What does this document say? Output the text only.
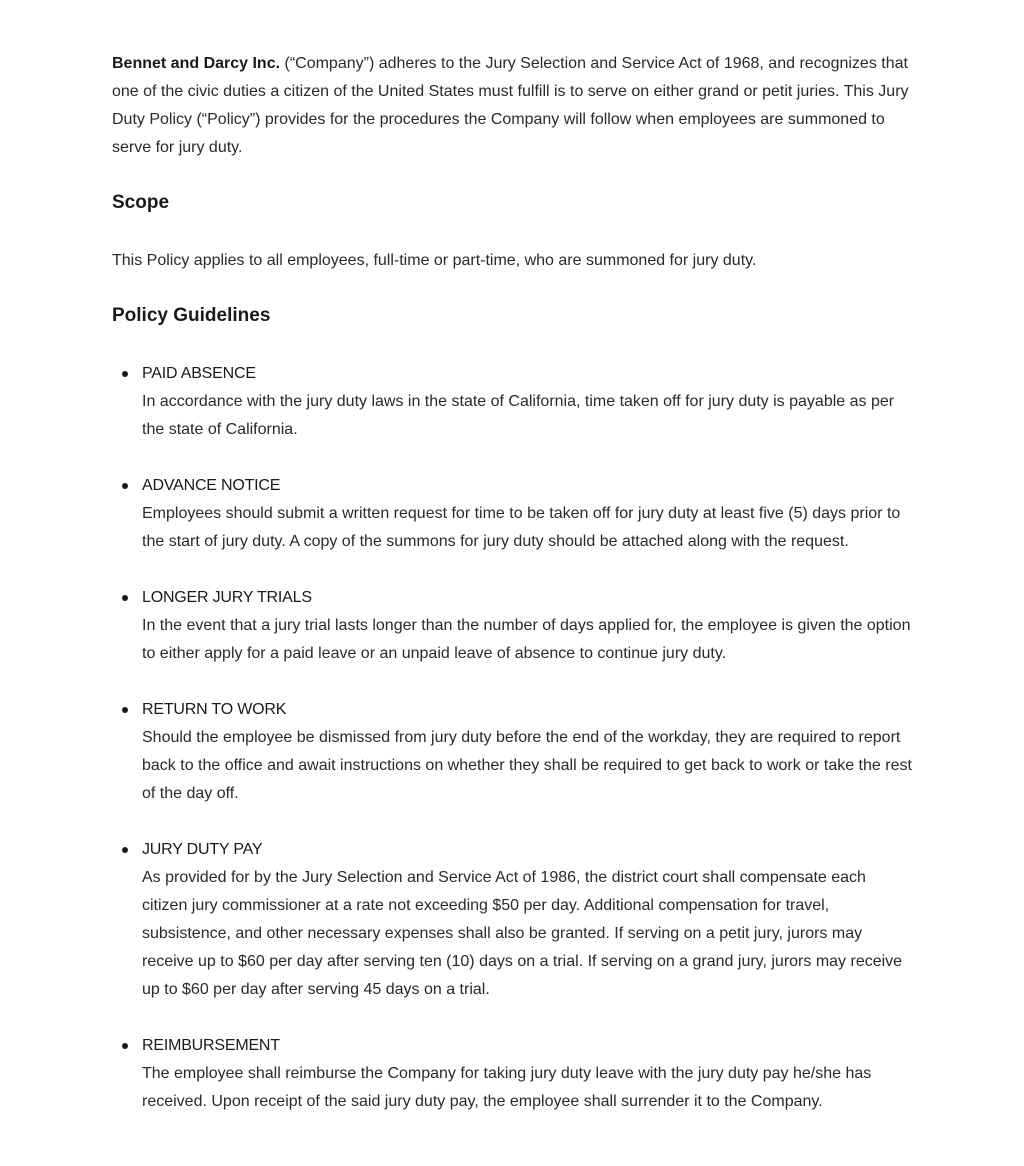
Bennet and Darcy Inc. (“Company”) adheres to the Jury Selection and Service Act of 1968, and recognizes that one of the civic duties a citizen of the United States must fulfill is to serve on either grand or petit juries. This Jury Duty Policy (“Policy”) provides for the procedures the Company will follow when employees are summoned to serve for jury duty.

Scope

This Policy applies to all employees, full-time or part-time, who are summoned for jury duty.

Policy Guidelines
PAID ABSENCE
In accordance with the jury duty laws in the state of California, time taken off for jury duty is payable as per the state of California.
ADVANCE NOTICE
Employees should submit a written request for time to be taken off for jury duty at least five (5) days prior to the start of jury duty. A copy of the summons for jury duty should be attached along with the request.
LONGER JURY TRIALS
In the event that a jury trial lasts longer than the number of days applied for, the employee is given the option to either apply for a paid leave or an unpaid leave of absence to continue jury duty.
RETURN TO WORK
Should the employee be dismissed from jury duty before the end of the workday, they are required to report back to the office and await instructions on whether they shall be required to get back to work or take the rest of the day off.
JURY DUTY PAY
As provided for by the Jury Selection and Service Act of 1986, the district court shall compensate each citizen jury commissioner at a rate not exceeding $50 per day. Additional compensation for travel, subsistence, and other necessary expenses shall also be granted. If serving on a petit jury, jurors may receive up to $60 per day after serving ten (10) days on a trial. If serving on a grand jury, jurors may receive up to $60 per day after serving 45 days on a trial.
REIMBURSEMENT
The employee shall reimburse the Company for taking jury duty leave with the jury duty pay he/she has received. Upon receipt of the said jury duty pay, the employee shall surrender it to the Company.
